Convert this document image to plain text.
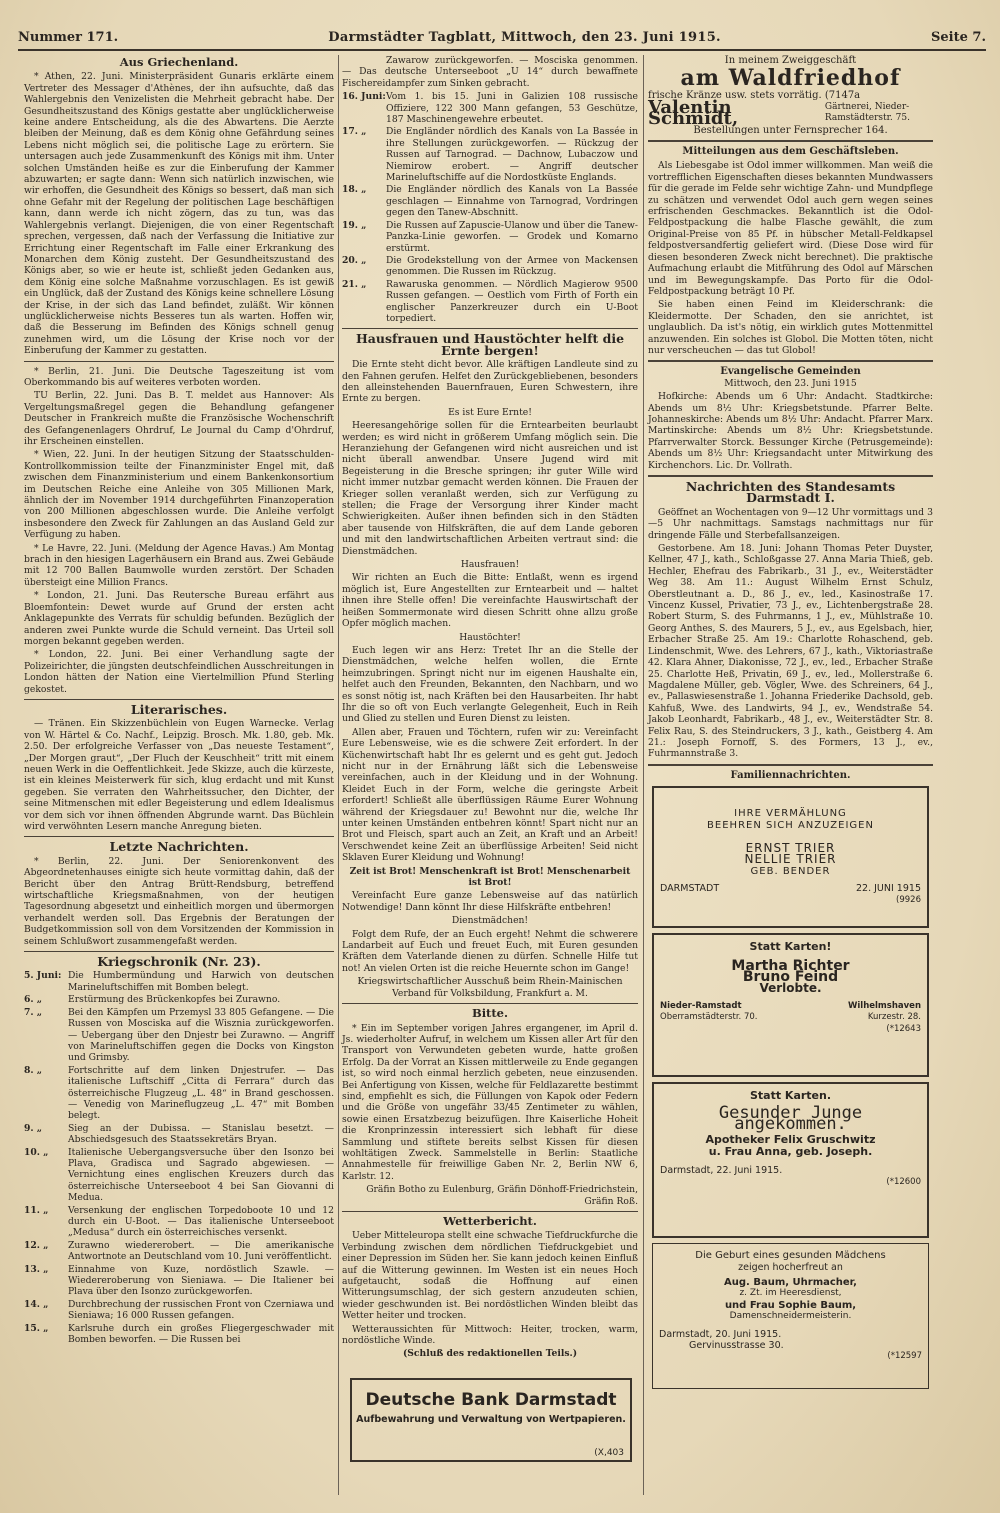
Nummer 171.	Darmstädter Tagblatt, Mittwoch, den 23. Juni 1915.	Seite 7.
Aus Griechenland.

* Athen, 22. Juni. Ministerpräsident Gunaris erklärte einem Vertreter des Messager d'Athènes, der ihn aufsuchte, daß das Wahlergebnis den Venizelisten die Mehrheit gebracht habe. Der Gesundheitszustand des Königs gestatte aber unglücklicherweise keine andere Entscheidung, als die des Abwartens. Die Aerzte bleiben der Meinung, daß es dem König ohne Gefährdung seines Lebens nicht möglich sei, die politische Lage zu erörtern. Sie untersagen auch jede Zusammenkunft des Königs mit ihm. Unter solchen Umständen heiße es zur die Einberufung der Kammer abzuwarten; er sagte dann: Wenn sich natürlich inzwischen, wie wir erhoffen, die Gesundheit des Königs so bessert, daß man sich ohne Gefahr mit der Regelung der politischen Lage beschäftigen kann, dann werde ich nicht zögern, das zu tun, was das Wahlergebnis verlangt. Diejenigen, die von einer Regentschaft sprechen, vergessen, daß nach der Verfassung die Initiative zur Errichtung einer Regentschaft im Falle einer Erkrankung des Monarchen dem König zusteht. Der Gesundheitszustand des Königs aber, so wie er heute ist, schließt jeden Gedanken aus, dem König eine solche Maßnahme vorzuschlagen. Es ist gewiß ein Unglück, daß der Zustand des Königs keine schnellere Lösung der Krise, in der sich das Land befindet, zuläßt. Wir können unglücklicherweise nichts Besseres tun als warten. Hoffen wir, daß die Besserung im Befinden des Königs schnell genug zunehmen wird, um die Lösung der Krise noch vor der Einberufung der Kammer zu gestatten.

* Berlin, 21. Juni. Die Deutsche Tageszeitung ist vom Oberkommando bis auf weiteres verboten worden.

TU Berlin, 22. Juni. Das B. T. meldet aus Hannover: Als Vergeltungsmaßregel gegen die Behandlung gefangener Deutscher in Frankreich mußte die Französische Wochenschrift des Gefangenenlagers Ohrdruf, Le Journal du Camp d'Ohrdruf, ihr Erscheinen einstellen.

* Wien, 22. Juni. In der heutigen Sitzung der Staatsschulden-Kontrollkommission teilte der Finanzminister Engel mit, daß zwischen dem Finanzministerium und einem Bankenkonsortium im Deutschen Reiche eine Anleihe von 305 Millionen Mark, ähnlich der im November 1914 durchgeführten Finanzoperation von 200 Millionen abgeschlossen wurde. Die Anleihe verfolgt insbesondere den Zweck für Zahlungen an das Ausland Geld zur Verfügung zu haben.

* Le Havre, 22. Juni. (Meldung der Agence Havas.) Am Montag brach in den hiesigen Lagerhäusern ein Brand aus. Zwei Gebäude mit 12 700 Ballen Baumwolle wurden zerstört. Der Schaden übersteigt eine Million Francs.

* London, 21. Juni. Das Reutersche Bureau erfährt aus Bloemfontein: Dewet wurde auf Grund der ersten acht Anklagepunkte des Verrats für schuldig befunden. Bezüglich der anderen zwei Punkte wurde die Schuld verneint. Das Urteil soll morgen bekannt gegeben werden.

* London, 22. Juni. Bei einer Verhandlung sagte der Polizeirichter, die jüngsten deutschfeindlichen Ausschreitungen in London hätten der Nation eine Viertelmillion Pfund Sterling gekostet.

Literarisches.

— Tränen. Ein Skizzenbüchlein von Eugen Warnecke. Verlag von W. Härtel & Co. Nachf., Leipzig. Brosch. Mk. 1.80, geb. Mk. 2.50. Der erfolgreiche Verfasser von „Das neueste Testament“, „Der Morgen graut“, „Der Fluch der Keuschheit“ tritt mit einem neuen Werk in die Oeffentlichkeit. Jede Skizze, auch die kürzeste, ist ein kleines Meisterwerk für sich, klug erdacht und mit Kunst gegeben. Sie verraten den Wahrheitssucher, den Dichter, der seine Mitmenschen mit edler Begeisterung und edlem Idealismus vor dem sich vor ihnen öffnenden Abgrunde warnt. Das Büchlein wird verwöhnten Lesern manche Anregung bieten.

Letzte Nachrichten.

* Berlin, 22. Juni. Der Seniorenkonvent des Abgeordnetenhauses einigte sich heute vormittag dahin, daß der Bericht über den Antrag Brütt-Rendsburg, betreffend wirtschaftliche Kriegsmaßnahmen, von der heutigen Tagesordnung abgesetzt und einheitlich morgen und übermorgen verhandelt werden soll. Das Ergebnis der Beratungen der Budgetkommission soll von dem Vorsitzenden der Kommission in seinem Schlußwort zusammengefaßt werden.

Kriegschronik (Nr. 23).
5. Juni: Die Humbermündung und Harwich von deutschen Marineluftschiffen mit Bomben belegt.
6. „	Erstürmung des Brückenkopfes bei Zurawno.
7. „	Bei den Kämpfen um Przemysl 33 805 Gefangene. — Die Russen von Mosciska auf die Wisznia zurückgeworfen. — Uebergang über den Dnjestr bei Zurawno. — Angriff von Marineluftschiffen gegen die Docks von Kingston und Grimsby.
8. „	Fortschritte auf dem linken Dnjestrufer. — Das italienische Luftschiff „Citta di Ferrara“ durch das österreichische Flugzeug „L. 48“ in Brand geschossen. — Venedig von Marineflugzeug „L. 47“ mit Bomben belegt.
9. „	Sieg an der Dubissa. — Stanislau besetzt. — Abschiedsgesuch des Staatssekretärs Bryan.
10. „	Italienische Uebergangsversuche über den Isonzo bei Plava, Gradisca und Sagrado abgewiesen. — Vernichtung eines englischen Kreuzers durch das österreichische Unterseeboot 4 bei San Giovanni di Medua.
11. „	Versenkung der englischen Torpedoboote 10 und 12 durch ein U-Boot. — Das italienische Unterseeboot „Medusa“ durch ein österreichisches versenkt.
12. „	Zurawno wiedererobert. — Die amerikanische Antwortnote an Deutschland vom 10. Juni veröffentlicht.
13. „	Einnahme von Kuze, nordöstlich Szawle. — Wiedereroberung von Sieniawa. — Die Italiener bei Plava über den Isonzo zurückgeworfen.
14. „	Durchbrechung der russischen Front von Czerniawa und Sieniawa; 16 000 Russen gefangen.
15. „	Karlsruhe durch ein großes Fliegergeschwader mit Bomben beworfen. — Die Russen bei

Zawarow zurückgeworfen. — Mosciska genommen. — Das deutsche Unterseeboot „U 14“ durch bewaffnete Fischereidampfer zum Sinken gebracht.

16. Juni: Vom 1. bis 15. Juni in Galizien 108 russische Offiziere, 122 300 Mann gefangen, 53 Geschütze, 187 Maschinengewehre erbeutet.
17. „	Die Engländer nördlich des Kanals von La Bassée in ihre Stellungen zurückgeworfen. — Rückzug der Russen auf Tarnograd. — Dachnow, Lubaczow und Niemirow erobert. — Angriff deutscher Marineluftschiffe auf die Nordostküste Englands.
18. „	Die Engländer nördlich des Kanals von La Bassée geschlagen — Einnahme von Tarnograd, Vordringen gegen den Tanew-Abschnitt.
19. „	Die Russen auf Zapuscie-Ulanow und über die Tanew-Panzka-Linie geworfen. — Grodek und Komarno erstürmt.
20. „	Die Grodekstellung von der Armee von Mackensen genommen. Die Russen im Rückzug.
21. „	Rawaruska genommen. — Nördlich Magierow 9500 Russen gefangen. — Oestlich vom Firth of Forth ein englischer Panzerkreuzer durch ein U-Boot torpediert.
Hausfrauen und Haustöchter helft die Ernte bergen!

Die Ernte steht dicht bevor. Alle kräftigen Landleute sind zu den Fahnen gerufen. Helfet den Zurückgebliebenen, besonders den alleinstehenden Bauernfrauen, Euren Schwestern, ihre Ernte zu bergen.

Es ist Eure Ernte!

Heeresangehörige sollen für die Erntearbeiten beurlaubt werden; es wird nicht in größerem Umfang möglich sein. Die Heranziehung der Gefangenen wird nicht ausreichen und ist nicht überall anwendbar. Unsere Jugend wird mit Begeisterung in die Bresche springen; ihr guter Wille wird nicht immer nutzbar gemacht werden können. Die Frauen der Krieger sollen veranlaßt werden, sich zur Verfügung zu stellen; die Frage der Versorgung ihrer Kinder macht Schwierigkeiten. Außer ihnen befinden sich in den Städten aber tausende von Hilfskräften, die auf dem Lande geboren und mit den landwirtschaftlichen Arbeiten vertraut sind: die Dienstmädchen.

Hausfrauen!

Wir richten an Euch die Bitte: Entlaßt, wenn es irgend möglich ist, Eure Angestellten zur Erntearbeit und — haltet ihnen ihre Stelle offen! Die vereinfachte Hauswirtschaft der heißen Sommermonate wird diesen Schritt ohne allzu große Opfer möglich machen.

Haustöchter!

Euch legen wir ans Herz: Tretet Ihr an die Stelle der Dienstmädchen, welche helfen wollen, die Ernte heimzubringen. Springt nicht nur im eigenen Haushalte ein, helfet auch den Freunden, Bekannten, den Nachbarn, und wo es sonst nötig ist, nach Kräften bei den Hausarbeiten. Ihr habt Ihr die so oft von Euch verlangte Gelegenheit, Euch in Reih und Glied zu stellen und Euren Dienst zu leisten.

Allen aber, Frauen und Töchtern, rufen wir zu: Vereinfacht Eure Lebensweise, wie es die schwere Zeit erfordert. In der Küchenwirtschaft habt Ihr es gelernt und es geht gut. Jedoch nicht nur in der Ernährung läßt sich die Lebensweise vereinfachen, auch in der Kleidung und in der Wohnung. Kleidet Euch in der Form, welche die geringste Arbeit erfordert! Schließt alle überflüssigen Räume Eurer Wohnung während der Kriegsdauer zu! Bewohnt nur die, welche Ihr unter keinen Umständen entbehren könnt! Spart nicht nur an Brot und Fleisch, spart auch an Zeit, an Kraft und an Arbeit! Verschwendet keine Zeit an überflüssige Arbeiten! Seid nicht Sklaven Eurer Kleidung und Wohnung!

Zeit ist Brot! Menschenkraft ist Brot! Menschenarbeit ist Brot!

Vereinfacht Eure ganze Lebensweise auf das natürlich Notwendige! Dann könnt Ihr diese Hilfskräfte entbehren!

Dienstmädchen!

Folgt dem Rufe, der an Euch ergeht! Nehmt die schwerere Landarbeit auf Euch und freuet Euch, mit Euren gesunden Kräften dem Vaterlande dienen zu dürfen. Schnelle Hilfe tut not! An vielen Orten ist die reiche Heuernte schon im Gange!

Kriegswirtschaftlicher Ausschuß beim Rhein-Mainischen Verband für Volksbildung, Frankfurt a. M.

Bitte.

* Ein im September vorigen Jahres ergangener, im April d. Js. wiederholter Aufruf, in welchem um Kissen aller Art für den Transport von Verwundeten gebeten wurde, hatte großen Erfolg. Da der Vorrat an Kissen mittlerweile zu Ende gegangen ist, so wird noch einmal herzlich gebeten, neue einzusenden. Bei Anfertigung von Kissen, welche für Feldlazarette bestimmt sind, empfiehlt es sich, die Füllungen von Kapok oder Federn und die Größe von ungefähr 33/45 Zentimeter zu wählen, sowie einen Ersatzbezug beizufügen. Ihre Kaiserliche Hoheit die Kronprinzessin interessiert sich lebhaft für diese Sammlung und stiftete bereits selbst Kissen für diesen wohltätigen Zweck. Sammelstelle in Berlin: Staatliche Annahmestelle für freiwillige Gaben Nr. 2, Berlin NW 6, Karlstr. 12.

Gräfin Botho zu Eulenburg, Gräfin Dönhoff-Friedrichstein, Gräfin Roß.

Wetterbericht.

Ueber Mitteleuropa stellt eine schwache Tiefdruckfurche die Verbindung zwischen dem nördlichen Tiefdruckgebiet und einer Depression im Süden her. Sie kann jedoch keinen Einfluß auf die Witterung gewinnen. Im Westen ist ein neues Hoch aufgetaucht, sodaß die Hoffnung auf einen Witterungsumschlag, der sich gestern anzudeuten schien, wieder geschwunden ist. Bei nordöstlichen Winden bleibt das Wetter heiter und trocken.

Wetteraussichten für Mittwoch: Heiter, trocken, warm, nordöstliche Winde.

(Schluß des redaktionellen Teils.)

Deutsche Bank Darmstadt
Aufbewahrung und Verwaltung von Wertpapieren.
(X,403
In meinem Zweiggeschäft
am Waldfriedhof
frische Kränze usw. stets vorrätig. (7147a
Valentin Schmidt,
Gärtnerei, Nieder-Ramstädterstr. 75.
Bestellungen unter Fernsprecher 164.
Mitteilungen aus dem Geschäftsleben.

Als Liebesgabe ist Odol immer willkommen. Man weiß die vortrefflichen Eigenschaften dieses bekannten Mundwassers für die gerade im Felde sehr wichtige Zahn- und Mundpflege zu schätzen und verwendet Odol auch gern wegen seines erfrischenden Geschmackes. Bekanntlich ist die Odol-Feldpostpackung die halbe Flasche gewählt, die zum Original-Preise von 85 Pf. in hübscher Metall-Feldkapsel feldpostversandfertig geliefert wird. (Diese Dose wird für diesen besonderen Zweck nicht berechnet). Die praktische Aufmachung erlaubt die Mitführung des Odol auf Märschen und im Bewegungskampfe. Das Porto für die Odol-Feldpostpackung beträgt 10 Pf.

Sie haben einen Feind im Kleiderschrank: die Kleidermotte. Der Schaden, den sie anrichtet, ist unglaublich. Da ist's nötig, ein wirklich gutes Mottenmittel anzuwenden. Ein solches ist Globol. Die Motten töten, nicht nur verscheuchen — das tut Globol!

Evangelische Gemeinden

Mittwoch, den 23. Juni 1915

Hofkirche: Abends um 6 Uhr: Andacht. Stadtkirche: Abends um 8½ Uhr: Kriegsbetstunde. Pfarrer Belte. Johanneskirche: Abends um 8½ Uhr: Andacht. Pfarrer Marx. Martinskirche: Abends um 8½ Uhr: Kriegsbetstunde. Pfarrverwalter Storck. Bessunger Kirche (Petrusgemeinde): Abends um 8½ Uhr: Kriegsandacht unter Mitwirkung des Kirchenchors. Lic. Dr. Vollrath.

Nachrichten des Standesamts Darmstadt I.

Geöffnet an Wochentagen von 9—12 Uhr vormittags und 3—5 Uhr nachmittags. Samstags nachmittags nur für dringende Fälle und Sterbefallsanzeigen.

Gestorbene. Am 18. Juni: Johann Thomas Peter Duyster, Kellner, 47 J., kath., Schloßgasse 27. Anna Maria Thieß, geb. Hechler, Ehefrau des Fabrikarb., 31 J., ev., Weiterstädter Weg 38. Am 11.: August Wilhelm Ernst Schulz, Oberstleutnant a. D., 86 J., ev., led., Kasinostraße 17. Vincenz Kussel, Privatier, 73 J., ev., Lichtenbergstraße 28. Robert Sturm, S. des Fuhrmanns, 1 J., ev., Mühlstraße 10. Georg Anthes, S. des Maurers, 5 J., ev., aus Egelsbach, hier, Erbacher Straße 25. Am 19.: Charlotte Rohaschend, geb. Lindenschmit, Wwe. des Lehrers, 67 J., kath., Viktoriastraße 42. Klara Ahner, Diakonisse, 72 J., ev., led., Erbacher Straße 25. Charlotte Heß, Privatin, 69 J., ev., led., Mollerstraße 6. Magdalene Müller, geb. Vögler, Wwe. des Schreiners, 64 J., ev., Pallaswiesenstraße 1. Johanna Friederike Dachsold, geb. Kahfuß, Wwe. des Landwirts, 94 J., ev., Wendstraße 54. Jakob Leonhardt, Fabrikarb., 48 J., ev., Weiterstädter Str. 8. Felix Rau, S. des Steindruckers, 3 J., kath., Geistberg 4. Am 21.: Joseph Fornoff, S. des Formers, 13 J., ev., Fuhrmannstraße 3.

Familiennachrichten.
IHRE VERMÄHLUNG
BEEHREN SICH ANZUZEIGEN
ERNST TRIER
NELLIE TRIER
GEB. BENDER
DARMSTADT	22. JUNI 1915
(9926
Statt Karten!
Martha Richter
Bruno Feind
Verlobte.
Nieder-Ramstadt	Wilhelmshaven
Oberramstädterstr. 70.	Kurzestr. 28.
(*12643
Statt Karten.
Gesunder Junge angekommen.
Apotheker Felix Gruschwitz
u. Frau Anna, geb. Joseph.
Darmstadt, 22. Juni 1915.
(*12600
Die Geburt eines gesunden Mädchens
zeigen hocherfreut an
Aug. Baum, Uhrmacher,
z. Zt. im Heeresdienst,
und Frau Sophie Baum,
Damenschneidermeisterin.
Darmstadt, 20. Juni 1915.
Gervinusstrasse 30.
(*12597
